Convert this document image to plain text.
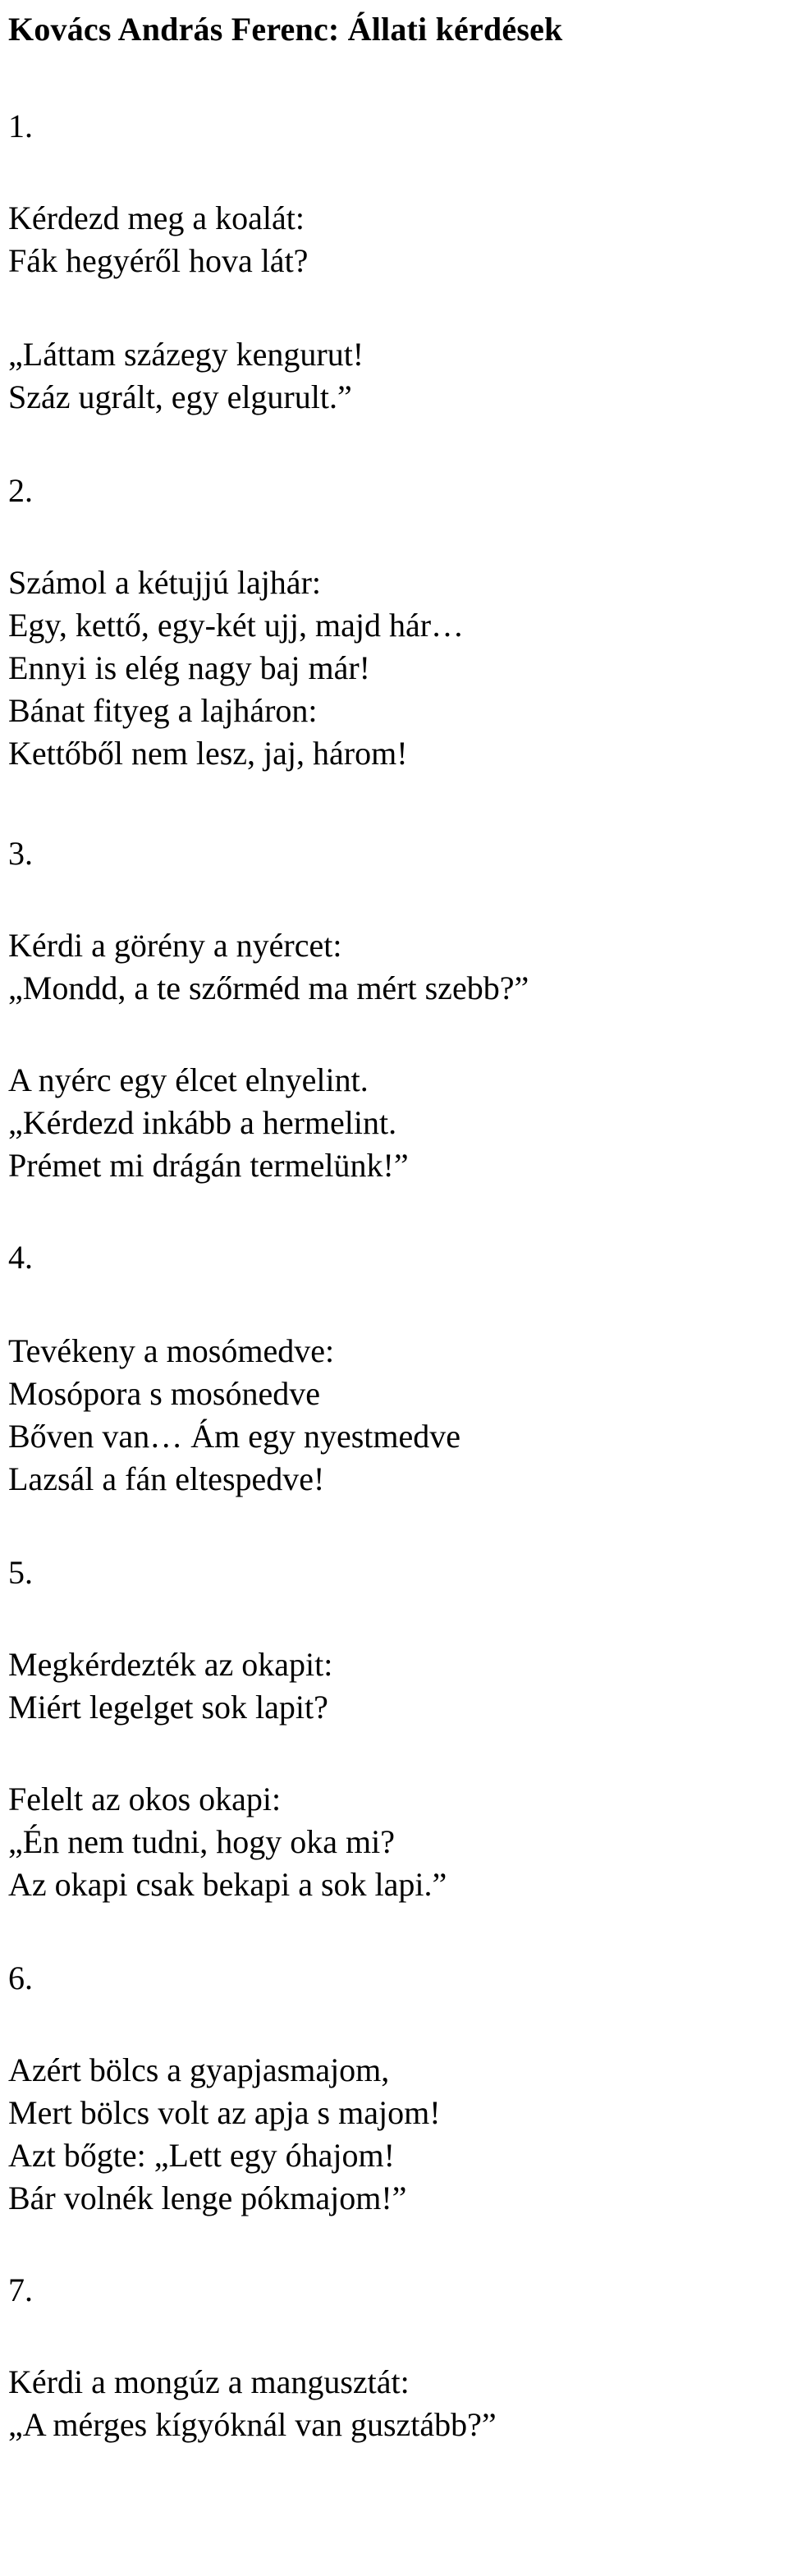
Kovács András Ferenc: Állati kérdések
1.
Kérdezd meg a koalát:
Fák hegyéről hova lát?
„Láttam százegy kengurut!
Száz ugrált, egy elgurult.”
2.
Számol a kétujjú lajhár:
Egy, kettő, egy-két ujj, majd hár…
Ennyi is elég nagy baj már!
Bánat fityeg a lajháron:
Kettőből nem lesz, jaj, három!
3.
Kérdi a görény a nyércet:
„Mondd, a te szőrméd ma mért szebb?”
A nyérc egy élcet elnyelint.
„Kérdezd inkább a hermelint.
Prémet mi drágán termelünk!”
4.
Tevékeny a mosómedve:
Mosópora s mosónedve
Bőven van… Ám egy nyestmedve
Lazsál a fán eltespedve!
5.
Megkérdezték az okapit:
Miért legelget sok lapit?
Felelt az okos okapi:
„Én nem tudni, hogy oka mi?
Az okapi csak bekapi a sok lapi.”
6.
Azért bölcs a gyapjasmajom,
Mert bölcs volt az apja s majom!
Azt bőgte: „Lett egy óhajom!
Bár volnék lenge pókmajom!”
7.
Kérdi a mongúz a mangusztát:
„A mérges kígyóknál van gusztább?”
